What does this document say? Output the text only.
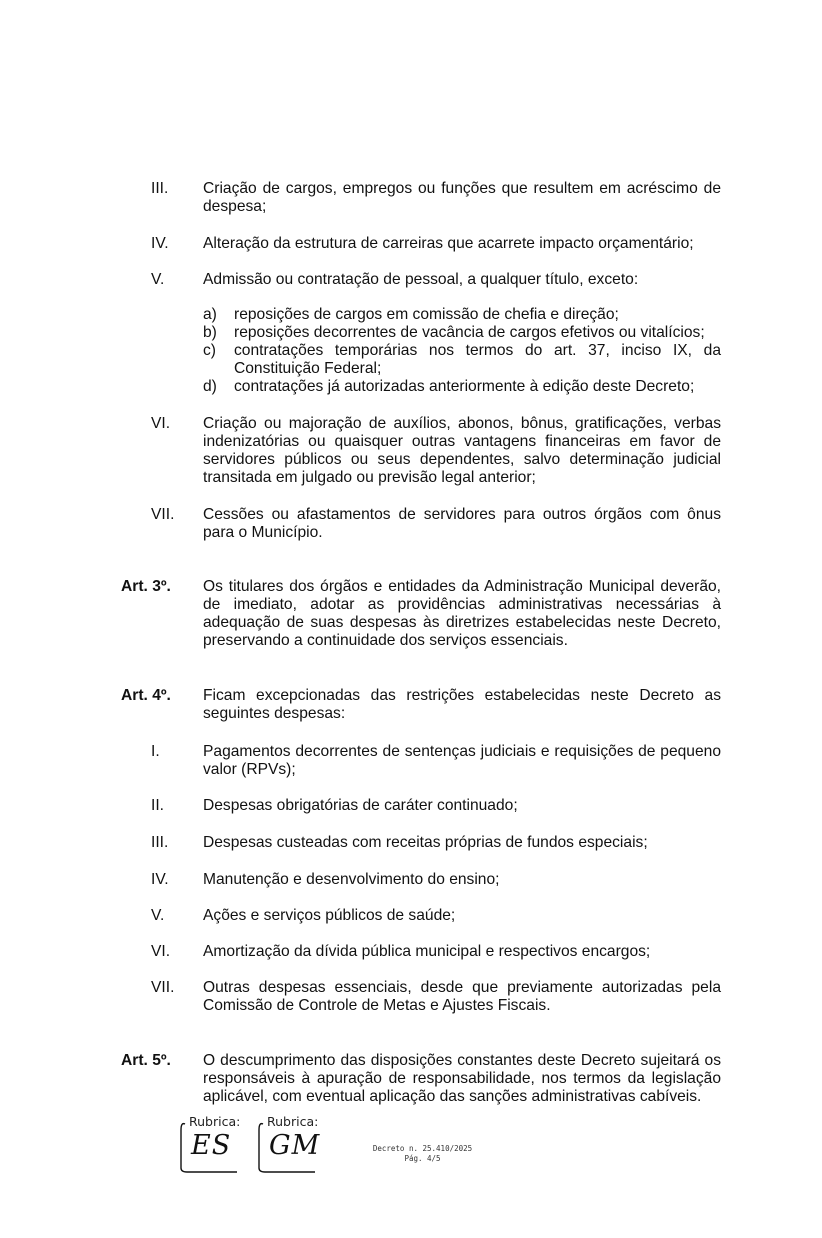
III. Criação de cargos, empregos ou funções que resultem em acréscimo de despesa;
IV. Alteração da estrutura de carreiras que acarrete impacto orçamentário;
V. Admissão ou contratação de pessoal, a qualquer título, exceto:
a) reposições de cargos em comissão de chefia e direção;
b) reposições decorrentes de vacância de cargos efetivos ou vitalícios;
c) contratações temporárias nos termos do art. 37, inciso IX, da Constituição Federal;
d) contratações já autorizadas anteriormente à edição deste Decreto;
VI. Criação ou majoração de auxílios, abonos, bônus, gratificações, verbas indenizatórias ou quaisquer outras vantagens financeiras em favor de servidores públicos ou seus dependentes, salvo determinação judicial transitada em julgado ou previsão legal anterior;
VII. Cessões ou afastamentos de servidores para outros órgãos com ônus para o Município.
Art. 3º. Os titulares dos órgãos e entidades da Administração Municipal deverão, de imediato, adotar as providências administrativas necessárias à adequação de suas despesas às diretrizes estabelecidas neste Decreto, preservando a continuidade dos serviços essenciais.
Art. 4º. Ficam excepcionadas das restrições estabelecidas neste Decreto as seguintes despesas:
I.	Pagamentos decorrentes de sentenças judiciais e requisições de pequeno valor (RPVs);
II.	Despesas obrigatórias de caráter continuado;
III. Despesas custeadas com receitas próprias de fundos especiais;
IV. Manutenção e desenvolvimento do ensino;
V. Ações e serviços públicos de saúde;
VI. Amortização da dívida pública municipal e respectivos encargos;
VII. Outras despesas essenciais, desde que previamente autorizadas pela Comissão de Controle de Metas e Ajustes Fiscais.
Art. 5º. O descumprimento das disposições constantes deste Decreto sujeitará os responsáveis à apuração de responsabilidade, nos termos da legislação aplicável, com eventual aplicação das sanções administrativas cabíveis.
Rubrica:
ES
Rubrica:
GM	Decreto n. 25.410/2025
Pág. 4/5
